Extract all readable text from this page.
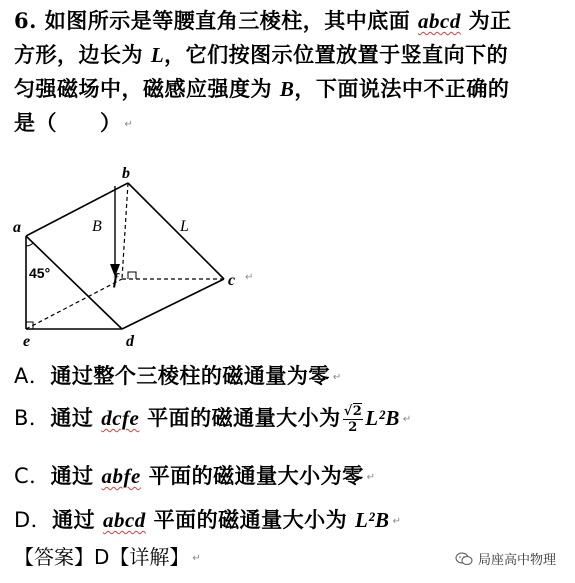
6. 如图所示是等腰直角三棱柱，其中底面 abcd 为正

方形，边长为 L，它们按图示位置放置于竖直向下的

匀强磁场中，磁感应强度为 B，下面说法中不正确的

是（　　） ↵

a
b
c
d
e
f
B	L
45°	↵
A．通过整个三棱柱的磁通量为零 ↵
B．通过 dcfe 平面的磁通量大小为 $\frac{√2}{2} L^2B$ ↵
C．通过 abfe 平面的磁通量大小为零 ↵
D．通过 abcd 平面的磁通量大小为 L²B ↵
【答案】D【详解】 ↵	局座高中物理
